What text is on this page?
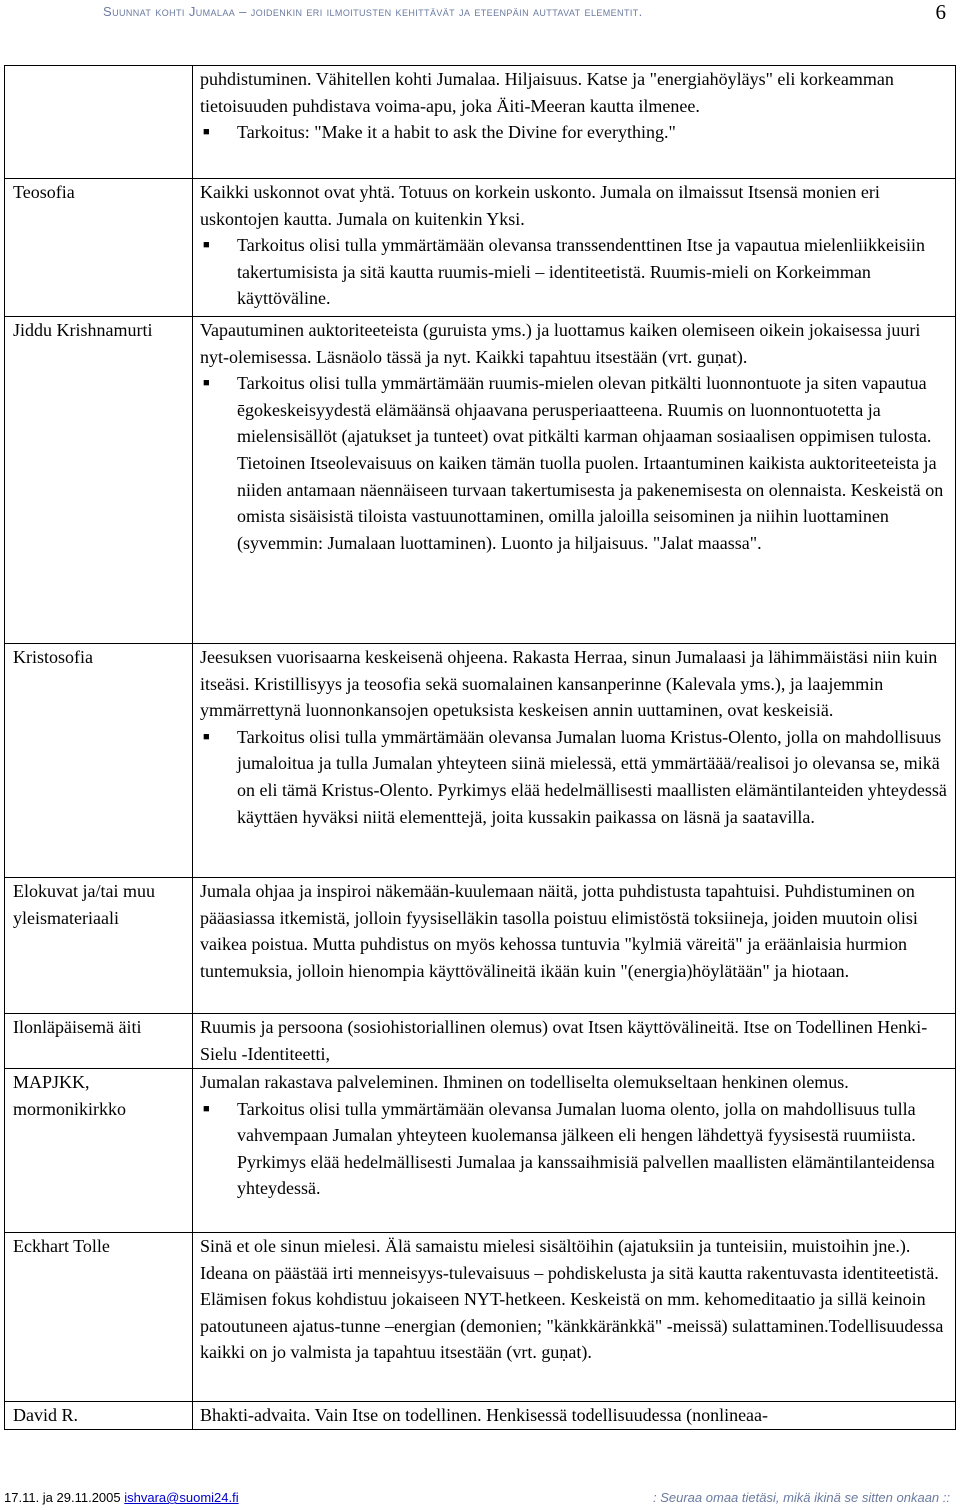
Suunnat kohti Jumalaa – joidenkin eri ilmoitusten kehittävät ja eteenpäin auttavat elementit.	6

	puhdistuminen. Vähitellen kohti Jumalaa. Hiljaisuus. Katse ja "energiahöyläys" eli korkeamman tietoisuuden puhdistava voima-apu, joka Äiti-Meeran kautta ilmenee.
■ Tarkoitus: "Make it a habit to ask the Divine for everything."

Teosofia	Kaikki uskonnot ovat yhtä. Totuus on korkein uskonto. Jumala on ilmaissut Itsensä monien eri uskontojen kautta. Jumala on kuitenkin Yksi.
■ Tarkoitus olisi tulla ymmärtämään olevansa transsendenttinen Itse ja vapautua mielenliikkeisiin takertumisista ja sitä kautta ruumis-mieli – identiteetistä. Ruumis-mieli on Korkeimman käyttöväline.

Jiddu Krishnamurti	Vapautuminen auktoriteeteista (guruista yms.) ja luottamus kaiken olemiseen oikein jokaisessa juuri nyt-olemisessa. Läsnäolo tässä ja nyt. Kaikki tapahtuu itsestään (vrt. guṇat).
■ Tarkoitus olisi tulla ymmärtämään ruumis-mielen olevan pitkälti luonnontuote ja siten vapautua ēgokeskeisyydestä elämäänsä ohjaavana perusperiaatteena. Ruumis on luonnontuotetta ja mielensisällöt (ajatukset ja tunteet) ovat pitkälti karman ohjaaman sosiaalisen oppimisen tulosta. Tietoinen Itseolevaisuus on kaiken tämän tuolla puolen. Irtaantuminen kaikista auktoriteeteista ja niiden antamaan näennäiseen turvaan takertumisesta ja pakenemisesta on olennaista. Keskeistä on omista sisäisistä tiloista vastuunottaminen, omilla jaloilla seisominen ja niihin luottaminen (syvemmin: Jumalaan luottaminen). Luonto ja hiljaisuus. "Jalat maassa".

Kristosofia	Jeesuksen vuorisaarna keskeisenä ohjeena. Rakasta Herraa, sinun Jumalaasi ja lähimmäistäsi niin kuin itseäsi. Kristillisyys ja teosofia sekä suomalainen kansanperinne (Kalevala yms.), ja laajemmin ymmärrettynä luonnonkansojen opetuksista keskeisen annin uuttaminen, ovat keskeisiä.
■ Tarkoitus olisi tulla ymmärtämään olevansa Jumalan luoma Kristus-Olento, jolla on mahdollisuus jumaloitua ja tulla Jumalan yhteyteen siinä mielessä, että ymmärtäää/realisoi jo olevansa se, mikä on eli tämä Kristus-Olento. Pyrkimys elää hedelmällisesti maallisten elämäntilanteiden yhteydessä käyttäen hyväksi niitä elementtejä, joita kussakin paikassa on läsnä ja saatavilla.

Elokuvat ja/tai muu yleismateriaali	Jumala ohjaa ja inspiroi näkemään-kuulemaan näitä, jotta puhdistusta tapahtuisi. Puhdistuminen on pääasiassa itkemistä, jolloin fyysiselläkin tasolla poistuu elimistöstä toksiineja, joiden muutoin olisi vaikea poistua. Mutta puhdistus on myös kehossa tuntuvia "kylmiä väreitä" ja eräänlaisia hurmion tuntemuksia, jolloin hienompia käyttövälineitä ikään kuin "(energia)höylätään" ja hiotaan.

Ilonläpäisemä äiti	Ruumis ja persoona (sosiohistoriallinen olemus) ovat Itsen käyttövälineitä. Itse on Todellinen Henki-Sielu -Identiteetti,

MAPJKK, mormonikirkko	Jumalan rakastava palveleminen. Ihminen on todelliselta olemukseltaan henkinen olemus.
■ Tarkoitus olisi tulla ymmärtämään olevansa Jumalan luoma olento, jolla on mahdollisuus tulla vahvempaan Jumalan yhteyteen kuolemansa jälkeen eli hengen lähdettyä fyysisestä ruumiista. Pyrkimys elää hedelmällisesti Jumalaa ja kanssaihmisiä palvellen maallisten elämäntilanteidensa yhteydessä.

Eckhart Tolle	Sinä et ole sinun mielesi. Älä samaistu mielesi sisältöihin (ajatuksiin ja tunteisiin, muistoihin jne.). Ideana on päästää irti menneisyys-tulevaisuus – pohdiskelusta ja sitä kautta rakentuvasta identiteetistä. Elämisen fokus kohdistuu jokaiseen NYT-hetkeen. Keskeistä on mm. kehomeditaatio ja sillä keinoin patoutuneen ajatus-tunne –energian (demonien; "känkkäränkkä" -meissä) sulattaminen.Todellisuudessa kaikki on jo valmista ja tapahtuu itsestään (vrt. guṇat).

David R.	Bhakti-advaita. Vain Itse on todellinen. Henkisessä todellisuudessa (nonlineaa-
17.11. ja 29.11.2005 ishvara@suomi24.fi	: Seuraa omaa tietäsi, mikä ikinä se sitten onkaan ::
